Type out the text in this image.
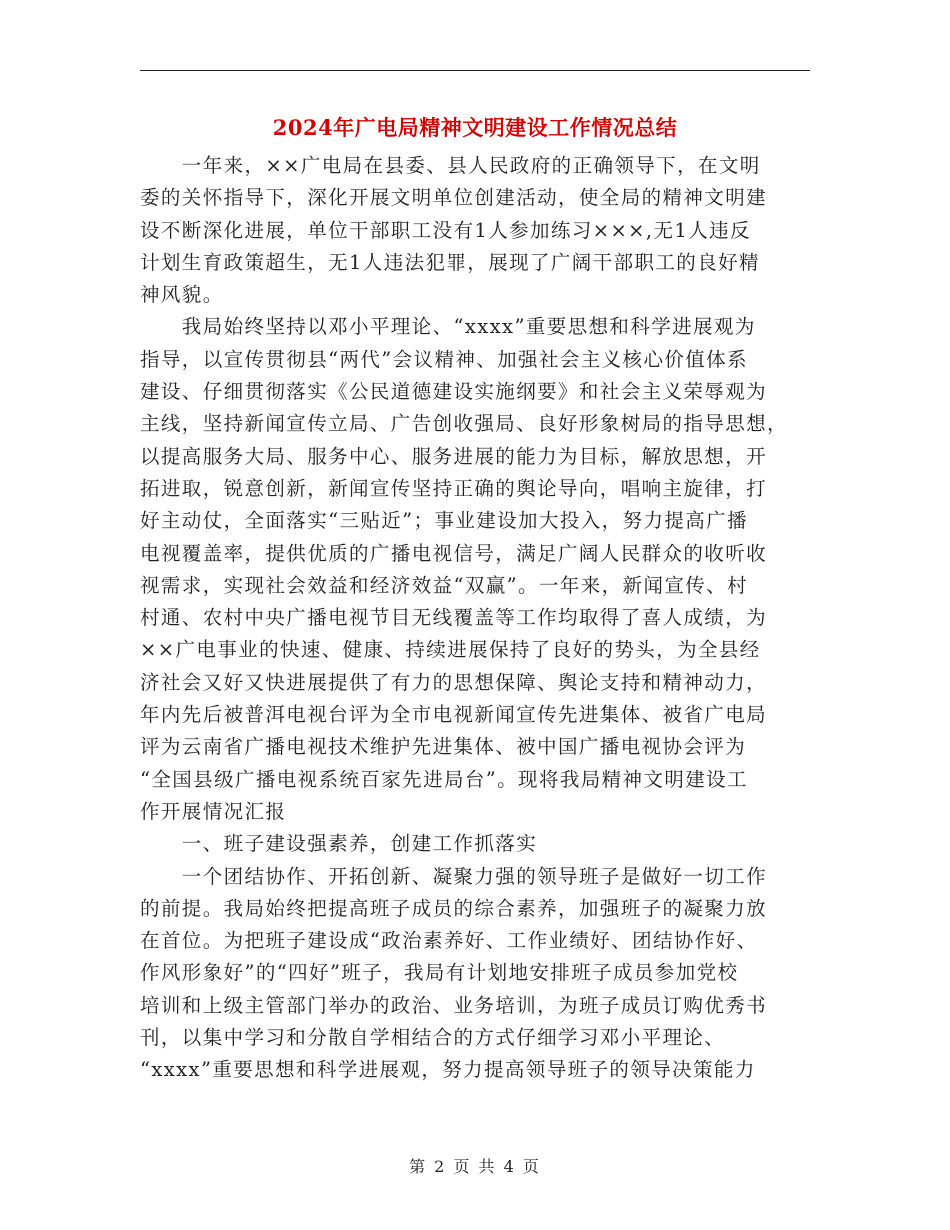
2024年广电局精神文明建设工作情况总结
　　一年来，××广电局在县委、县人民政府的正确领导下，在文明
委的关怀指导下，深化开展文明单位创建活动，使全局的精神文明建
设不断深化进展，单位干部职工没有1人参加练习×××,无1人违反
计划生育政策超生，无1人违法犯罪，展现了广阔干部职工的良好精
神风貌。
　　我局始终坚持以邓小平理论、“xxxx”重要思想和科学进展观为
指导，以宣传贯彻县“两代”会议精神、加强社会主义核心价值体系
建设、仔细贯彻落实《公民道德建设实施纲要》和社会主义荣辱观为
主线，坚持新闻宣传立局、广告创收强局、良好形象树局的指导思想，
以提高服务大局、服务中心、服务进展的能力为目标，解放思想，开
拓进取，锐意创新，新闻宣传坚持正确的舆论导向，唱响主旋律，打
好主动仗，全面落实“三贴近”；事业建设加大投入，努力提高广播
电视覆盖率，提供优质的广播电视信号，满足广阔人民群众的收听收
视需求，实现社会效益和经济效益“双赢”。一年来，新闻宣传、村
村通、农村中央广播电视节目无线覆盖等工作均取得了喜人成绩，为
××广电事业的快速、健康、持续进展保持了良好的势头，为全县经
济社会又好又快进展提供了有力的思想保障、舆论支持和精神动力，
年内先后被普洱电视台评为全市电视新闻宣传先进集体、被省广电局
评为云南省广播电视技术维护先进集体、被中国广播电视协会评为
“全国县级广播电视系统百家先进局台”。现将我局精神文明建设工
作开展情况汇报
　　一、班子建设强素养，创建工作抓落实
　　一个团结协作、开拓创新、凝聚力强的领导班子是做好一切工作
的前提。我局始终把提高班子成员的综合素养，加强班子的凝聚力放
在首位。为把班子建设成“政治素养好、工作业绩好、团结协作好、
作风形象好”的“四好”班子，我局有计划地安排班子成员参加党校
培训和上级主管部门举办的政治、业务培训，为班子成员订购优秀书
刊，以集中学习和分散自学相结合的方式仔细学习邓小平理论、
“xxxx”重要思想和科学进展观，努力提高领导班子的领导决策能力
第 2 页 共 4 页
